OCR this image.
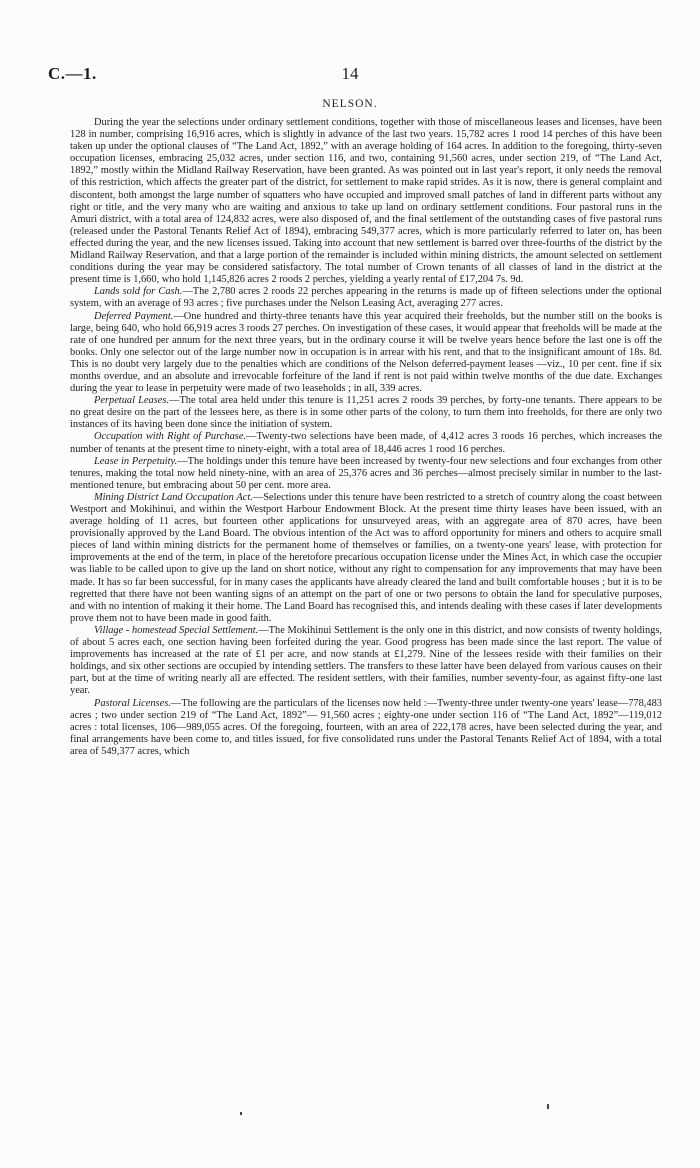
C.—1.	14
NELSON.

During the year the selections under ordinary settlement conditions, together with those of miscellaneous leases and licenses, have been 128 in number, comprising 16,916 acres, which is slightly in advance of the last two years. 15,782 acres 1 rood 14 perches of this have been taken up under the optional clauses of “The Land Act, 1892,” with an average holding of 164 acres. In addition to the foregoing, thirty-seven occupation licenses, embracing 25,032 acres, under section 116, and two, containing 91,560 acres, under section 219, of “The Land Act, 1892,” mostly within the Midland Railway Reservation, have been granted. As was pointed out in last year's report, it only needs the removal of this restriction, which affects the greater part of the district, for settlement to make rapid strides. As it is now, there is general complaint and discontent, both amongst the large number of squatters who have occupied and improved small patches of land in different parts without any right or title, and the very many who are waiting and anxious to take up land on ordinary settlement conditions. Four pastoral runs in the Amuri district, with a total area of 124,832 acres, were also disposed of, and the final settlement of the outstanding cases of five pastoral runs (released under the Pastoral Tenants Relief Act of 1894), embracing 549,377 acres, which is more particularly referred to later on, has been effected during the year, and the new licenses issued. Taking into account that new settlement is barred over three-fourths of the district by the Midland Railway Reservation, and that a large portion of the remainder is included within mining districts, the amount selected on settlement conditions during the year may be considered satisfactory. The total number of Crown tenants of all classes of land in the district at the present time is 1,660, who hold 1,145,826 acres 2 roods 2 perches, yielding a yearly rental of £17,204 7s. 9d.

Lands sold for Cash.—The 2,780 acres 2 roods 22 perches appearing in the returns is made up of fifteen selections under the optional system, with an average of 93 acres ; five purchases under the Nelson Leasing Act, averaging 277 acres.

Deferred Payment.—One hundred and thirty-three tenants have this year acquired their freeholds, but the number still on the books is large, being 640, who hold 66,919 acres 3 roods 27 perches. On investigation of these cases, it would appear that freeholds will be made at the rate of one hundred per annum for the next three years, but in the ordinary course it will be twelve years hence before the last one is off the books. Only one selector out of the large number now in occupation is in arrear with his rent, and that to the insignificant amount of 18s. 8d. This is no doubt very largely due to the penalties which are conditions of the Nelson deferred-payment leases —viz., 10 per cent. fine if six months overdue, and an absolute and irrevocable forfeiture of the land if rent is not paid within twelve months of the due date. Exchanges during the year to lease in perpetuity were made of two leaseholds ; in all, 339 acres.

Perpetual Leases.—The total area held under this tenure is 11,251 acres 2 roods 39 perches, by forty-one tenants. There appears to be no great desire on the part of the lessees here, as there is in some other parts of the colony, to turn them into freeholds, for there are only two instances of its having been done since the initiation of system.

Occupation with Right of Purchase.—Twenty-two selections have been made, of 4,412 acres 3 roods 16 perches, which increases the number of tenants at the present time to ninety-eight, with a total area of 18,446 acres 1 rood 16 perches.

Lease in Perpetuity.—The holdings under this tenure have been increased by twenty-four new selections and four exchanges from other tenures, making the total now held ninety-nine, with an area of 25,376 acres and 36 perches—almost precisely similar in number to the last-mentioned tenure, but embracing about 50 per cent. more area.

Mining District Land Occupation Act.—Selections under this tenure have been restricted to a stretch of country along the coast between Westport and Mokihinui, and within the Westport Harbour Endowment Block. At the present time thirty leases have been issued, with an average holding of 11 acres, but fourteen other applications for unsurveyed areas, with an aggregate area of 870 acres, have been provisionally approved by the Land Board. The obvious intention of the Act was to afford opportunity for miners and others to acquire small pieces of land within mining districts for the permanent home of themselves or families, on a twenty-one years' lease, with protection for improvements at the end of the term, in place of the heretofore precarious occupation license under the Mines Act, in which case the occupier was liable to be called upon to give up the land on short notice, without any right to compensation for any improvements that may have been made. It has so far been successful, for in many cases the applicants have already cleared the land and built comfortable houses ; but it is to be regretted that there have not been wanting signs of an attempt on the part of one or two persons to obtain the land for speculative purposes, and with no intention of making it their home. The Land Board has recognised this, and intends dealing with these cases if later developments prove them not to have been made in good faith.

Village - homestead Special Settlement.—The Mokihinui Settlement is the only one in this district, and now consists of twenty holdings, of about 5 acres each, one section having been forfeited during the year. Good progress has been made since the last report. The value of improvements has increased at the rate of £1 per acre, and now stands at £1,279. Nine of the lessees reside with their families on their holdings, and six other sections are occupied by intending settlers. The transfers to these latter have been delayed from various causes on their part, but at the time of writing nearly all are effected. The resident settlers, with their families, number seventy-four, as against fifty-one last year.

Pastoral Licenses.—The following are the particulars of the licenses now held :—Twenty-three under twenty-one years' lease—778,483 acres ; two under section 219 of “The Land Act, 1892”— 91,560 acres ; eighty-one under section 116 of “The Land Act, 1892”—119,012 acres : total licenses, 106—989,055 acres. Of the foregoing, fourteen, with an area of 222,178 acres, have been selected during the year, and final arrangements have been come to, and titles issued, for five consolidated runs under the Pastoral Tenants Relief Act of 1894, with a total area of 549,377 acres, which
